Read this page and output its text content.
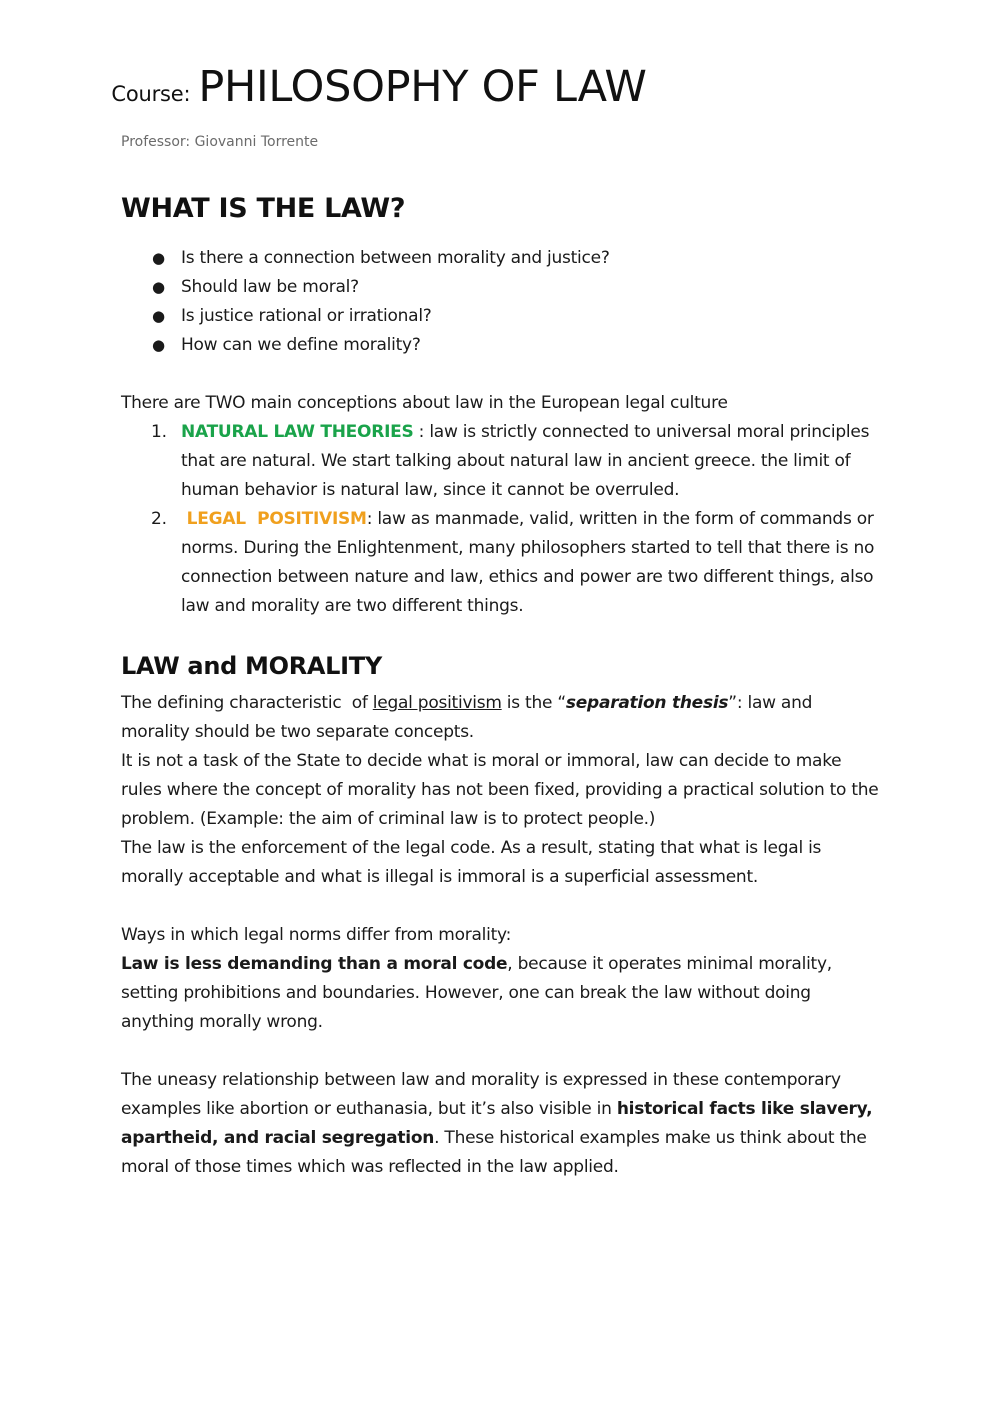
Course: PHILOSOPHY OF LAW
Professor: Giovanni Torrente
WHAT IS THE LAW?
● Is there a connection between morality and justice?
● Should law be moral?
● Is justice rational or irrational?
● How can we define morality?

There are TWO main conceptions about law in the European legal culture

1. NATURAL LAW THEORIES : law is strictly connected to universal moral principles that are natural. We start talking about natural law in ancient greece. the limit of human behavior is natural law, since it cannot be overruled.
2. LEGAL  POSITIVISM: law as manmade, valid, written in the form of commands or norms. During the Enlightenment, many philosophers started to tell that there is no connection between nature and law, ethics and power are two different things, also law and morality are two different things.
LAW and MORALITY
The defining characteristic  of legal positivism is the “separation thesis”: law and morality should be two separate concepts.
It is not a task of the State to decide what is moral or immoral, law can decide to make rules where the concept of morality has not been fixed, providing a practical solution to the problem. (Example: the aim of criminal law is to protect people.)
The law is the enforcement of the legal code. As a result, stating that what is legal is morally acceptable and what is illegal is immoral is a superficial assessment.
Ways in which legal norms differ from morality:
Law is less demanding than a moral code, because it operates minimal morality, setting prohibitions and boundaries. However, one can break the law without doing anything morally wrong.
The uneasy relationship between law and morality is expressed in these contemporary examples like abortion or euthanasia, but it’s also visible in historical facts like slavery, apartheid, and racial segregation. These historical examples make us think about the moral of those times which was reflected in the law applied.
